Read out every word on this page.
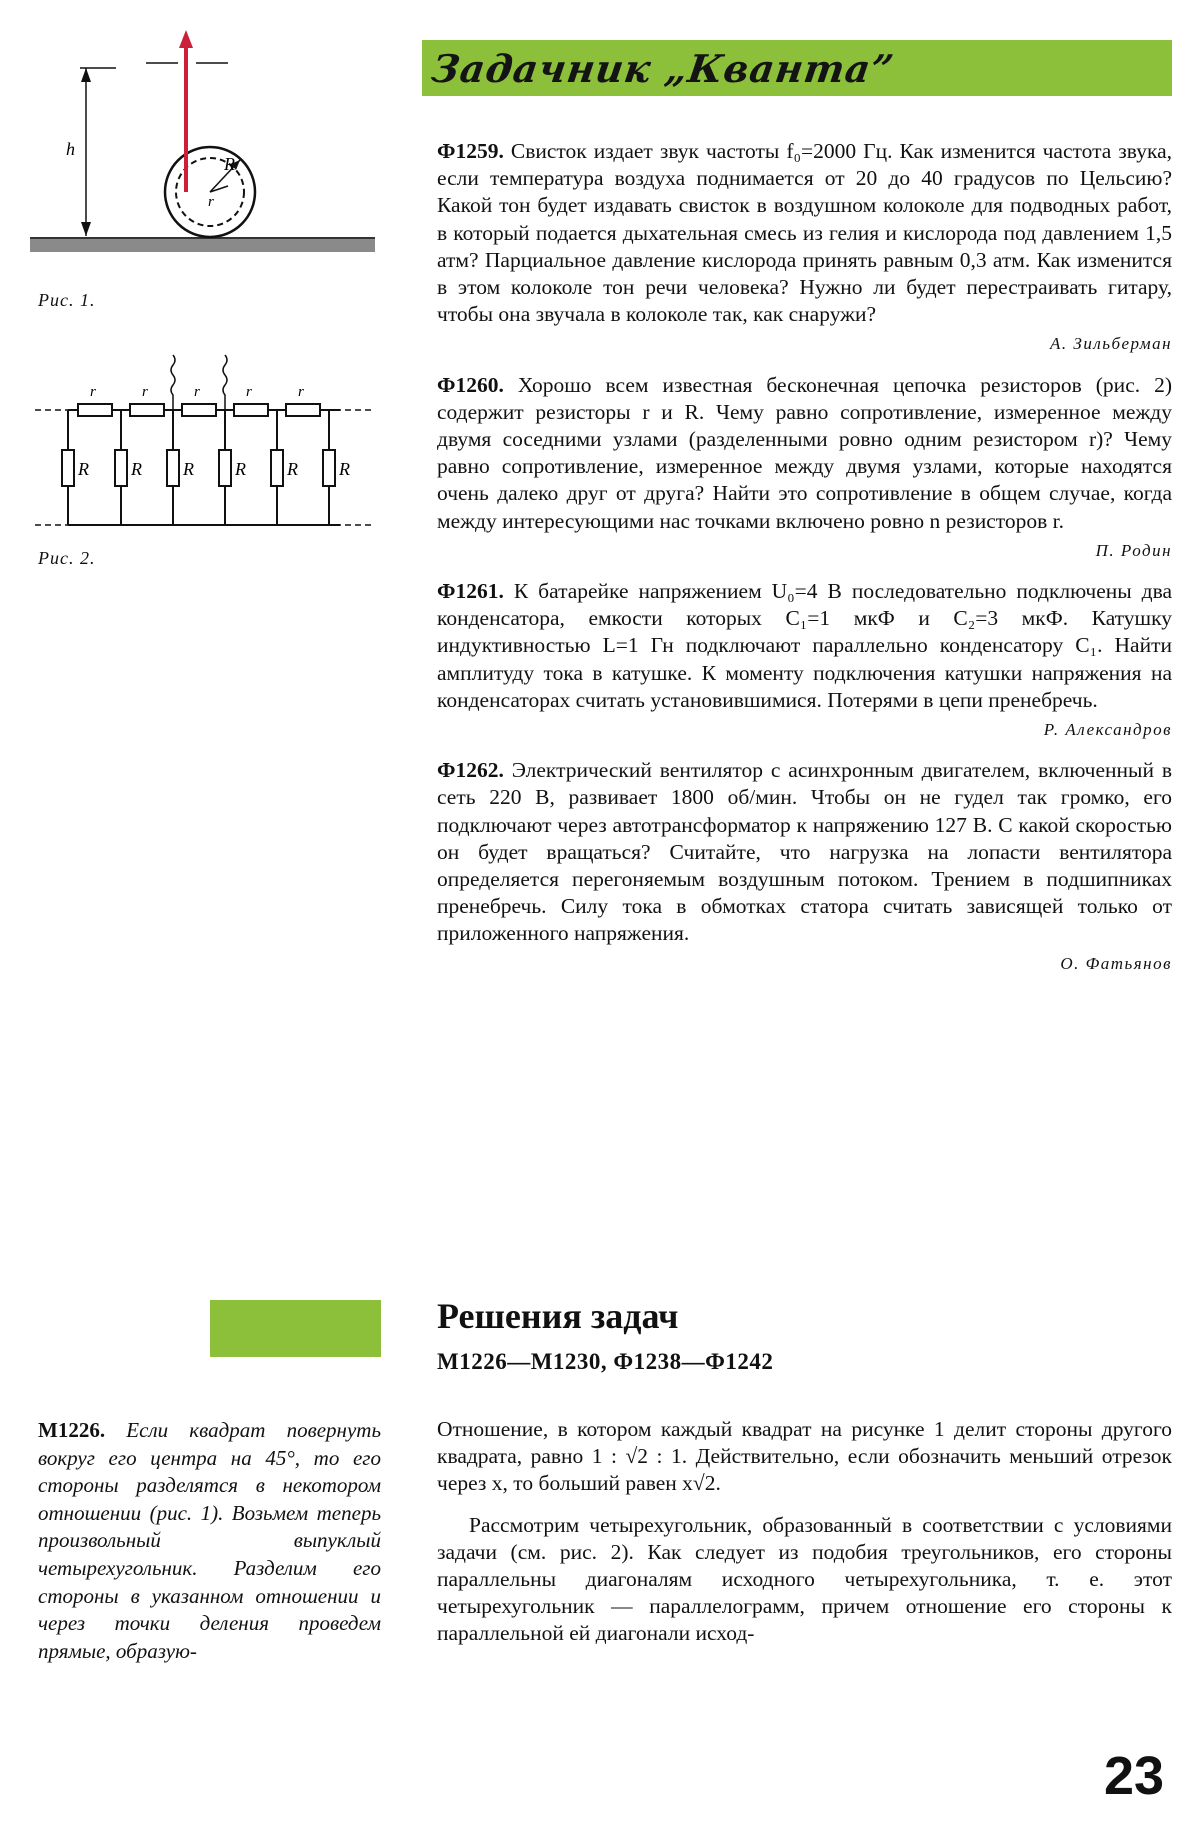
Задачник „Кванта”
h
R
r
Рис. 1.
r	r	r	r	r
R R R R R R
Рис. 2.

Ф1259. Свисток издает звук частоты f₀=2000 Гц. Как изменится частота звука, если температура воздуха поднимается от 20 до 40 градусов по Цельсию? Какой тон будет издавать свисток в воздушном колоколе для подводных работ, в который подается дыхательная смесь из гелия и кислорода под давлением 1,5 атм? Парциальное давление кислорода принять равным 0,3 атм. Как изменится в этом колоколе тон речи человека? Нужно ли будет перестраивать гитару, чтобы она звучала в колоколе так, как снаружи?

А. Зильберман

Ф1260. Хорошо всем известная бесконечная цепочка резисторов (рис. 2) содержит резисторы r и R. Чему равно сопротивление, измеренное между двумя соседними узлами (разделенными ровно одним резистором r)? Чему равно сопротивление, измеренное между двумя узлами, которые находятся очень далеко друг от друга? Найти это сопротивление в общем случае, когда между интересующими нас точками включено ровно n резисторов r.

П. Родин

Ф1261. К батарейке напряжением U₀=4 В последовательно подключены два конденсатора, емкости которых C₁=1 мкФ и C₂=3 мкФ. Катушку индуктивностью L=1 Гн подключают параллельно конденсатору C₁. Найти амплитуду тока в катушке. К моменту подключения катушки напряжения на конденсаторах считать установившимися. Потерями в цепи пренебречь.

Р. Александров

Ф1262. Электрический вентилятор с асинхронным двигателем, включенный в сеть 220 В, развивает 1800 об/мин. Чтобы он не гудел так громко, его подключают через автотрансформатор к напряжению 127 В. С какой скоростью он будет вращаться? Считайте, что нагрузка на лопасти вентилятора определяется перегоняемым воздушным потоком. Трением в подшипниках пренебречь. Силу тока в обмотках статора считать зависящей только от приложенного напряжения.

О. Фатьянов
Решения задач
М1226—М1230, Ф1238—Ф1242
М1226. Если квадрат повернуть вокруг его центра на 45°, то его стороны разделятся в некотором отношении (рис. 1). Возьмем теперь произвольный выпуклый четырехугольник. Разделим его стороны в указанном отношении и через точки деления проведем прямые, образую-

Отношение, в котором каждый квадрат на рисунке 1 делит стороны другого квадрата, равно 1 : √2 : 1. Действительно, если обозначить меньший отрезок через x, то больший равен x√2.

Рассмотрим четырехугольник, образованный в соответствии с условиями задачи (см. рис. 2). Как следует из подобия треугольников, его стороны параллельны диагоналям исходного четырехугольника, т. е. этот четырехугольник — параллелограмм, причем отношение его стороны к параллельной ей диагонали исход-

23
